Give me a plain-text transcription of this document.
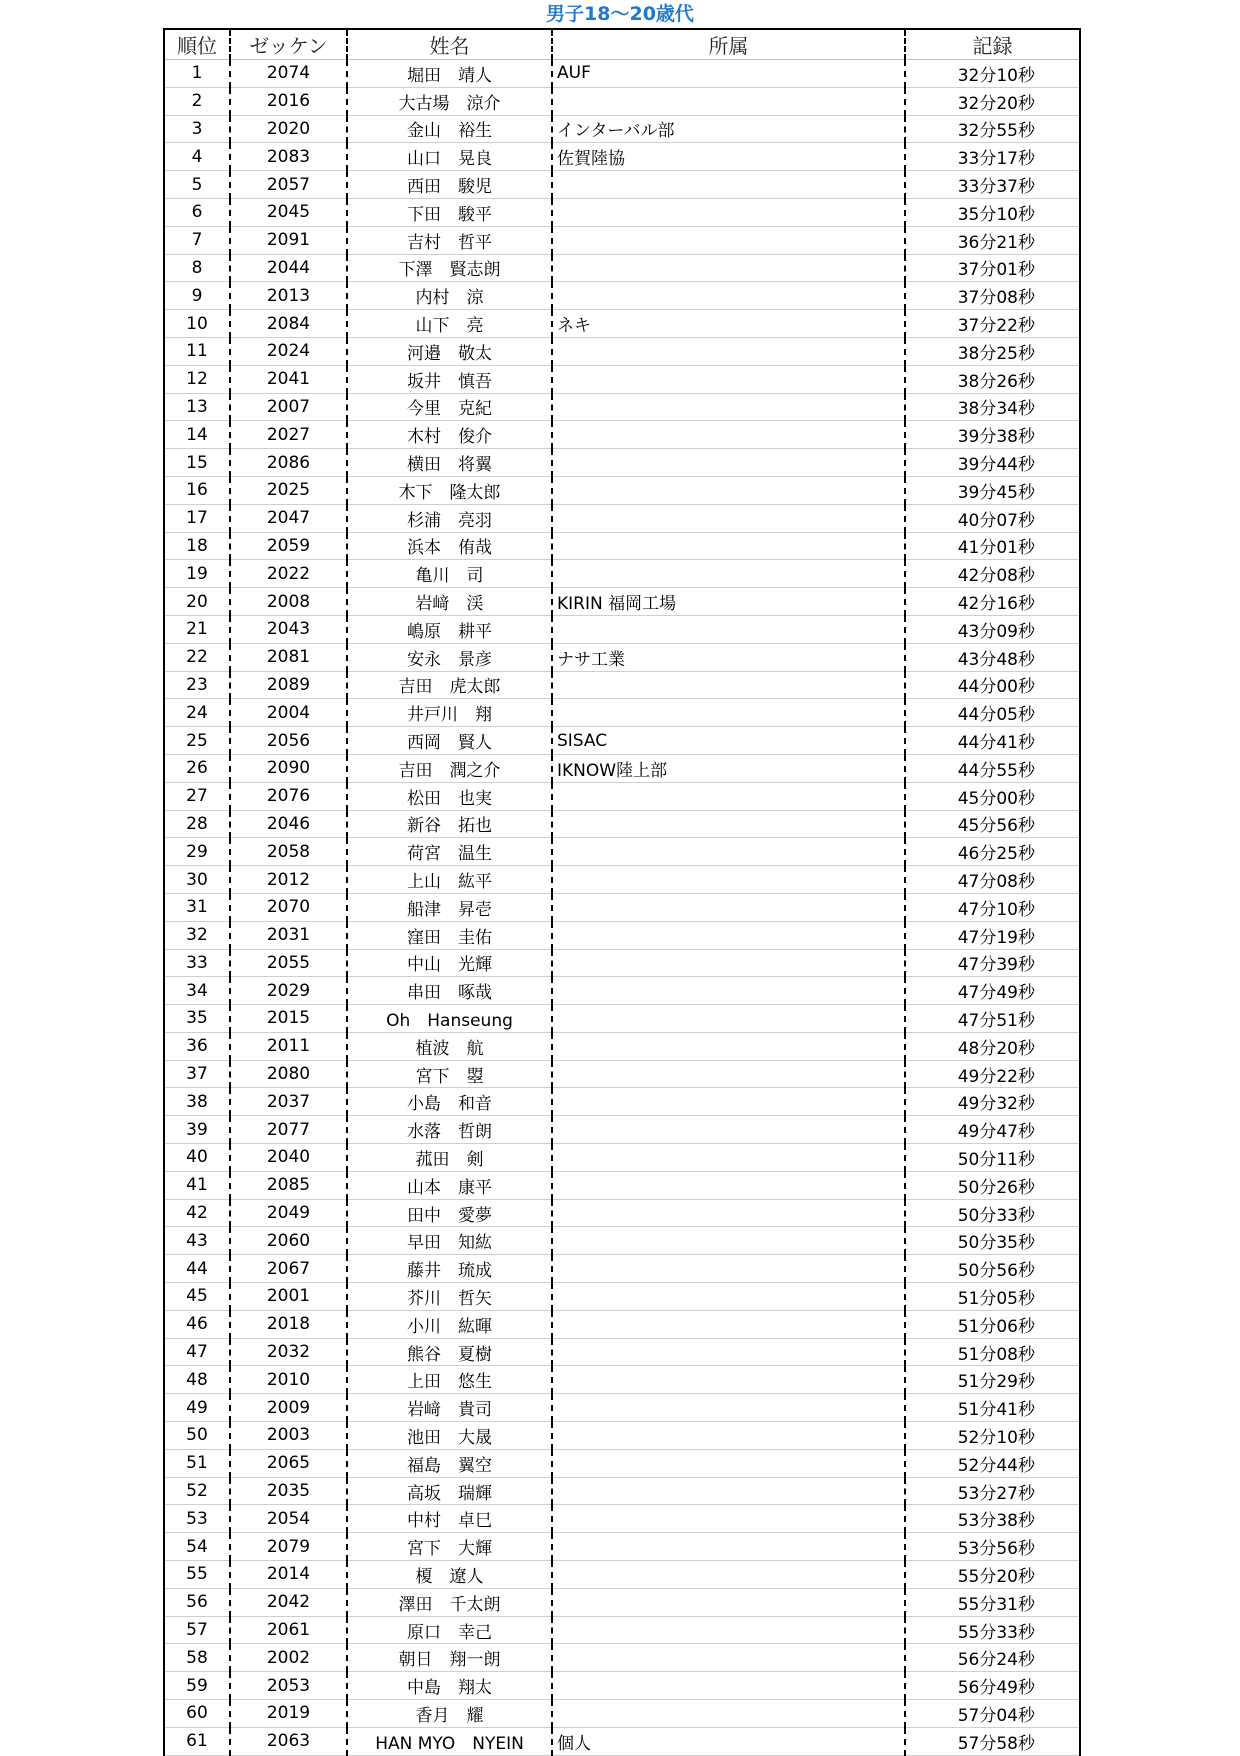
男子18～20歳代
順位	ゼッケン	姓名	所属	記録
1	2074	堀田　靖人	AUF	32分10秒
2	2016	大古場　涼介		32分20秒
3	2020	金山　裕生	インターバル部	32分55秒
4	2083	山口　晃良	佐賀陸協	33分17秒
5	2057	西田　駿児		33分37秒
6	2045	下田　駿平		35分10秒
7	2091	吉村　哲平		36分21秒
8	2044	下澤　賢志朗		37分01秒
9	2013	内村　涼		37分08秒
10	2084	山下　亮	ネキ	37分22秒
11	2024	河邉　敬太		38分25秒
12	2041	坂井　慎吾		38分26秒
13	2007	今里　克紀		38分34秒
14	2027	木村　俊介		39分38秒
15	2086	横田　将翼		39分44秒
16	2025	木下　隆太郎		39分45秒
17	2047	杉浦　亮羽		40分07秒
18	2059	浜本　侑哉		41分01秒
19	2022	亀川　司		42分08秒
20	2008	岩﨑　渓	KIRIN 福岡工場	42分16秒
21	2043	嶋原　耕平		43分09秒
22	2081	安永　景彦	ナサ工業	43分48秒
23	2089	吉田　虎太郎		44分00秒
24	2004	井戸川　翔		44分05秒
25	2056	西岡　賢人	SISAC	44分41秒
26	2090	吉田　潤之介	IKNOW陸上部	44分55秒
27	2076	松田　也実		45分00秒
28	2046	新谷　拓也		45分56秒
29	2058	荷宮　温生		46分25秒
30	2012	上山　紘平		47分08秒
31	2070	船津　昇壱		47分10秒
32	2031	窪田　圭佑		47分19秒
33	2055	中山　光輝		47分39秒
34	2029	串田　啄哉		47分49秒
35	2015	Oh　Hanseung		47分51秒
36	2011	植波　航		48分20秒
37	2080	宮下　曌		49分22秒
38	2037	小島　和音		49分32秒
39	2077	水落　哲朗		49分47秒
40	2040	菰田　剣		50分11秒
41	2085	山本　康平		50分26秒
42	2049	田中　愛夢		50分33秒
43	2060	早田　知紘		50分35秒
44	2067	藤井　琉成		50分56秒
45	2001	芥川　哲矢		51分05秒
46	2018	小川　紘暉		51分06秒
47	2032	熊谷　夏樹		51分08秒
48	2010	上田　悠生		51分29秒
49	2009	岩﨑　貴司		51分41秒
50	2003	池田　大晟		52分10秒
51	2065	福島　翼空		52分44秒
52	2035	高坂　瑞輝		53分27秒
53	2054	中村　卓巳		53分38秒
54	2079	宮下　大輝		53分56秒
55	2014	榎　遼人		55分20秒
56	2042	澤田　千太朗		55分31秒
57	2061	原口　幸己		55分33秒
58	2002	朝日　翔一朗		56分24秒
59	2053	中島　翔太		56分49秒
60	2019	香月　耀		57分04秒
61	2063	HAN MYO　NYEIN	個人	57分58秒
